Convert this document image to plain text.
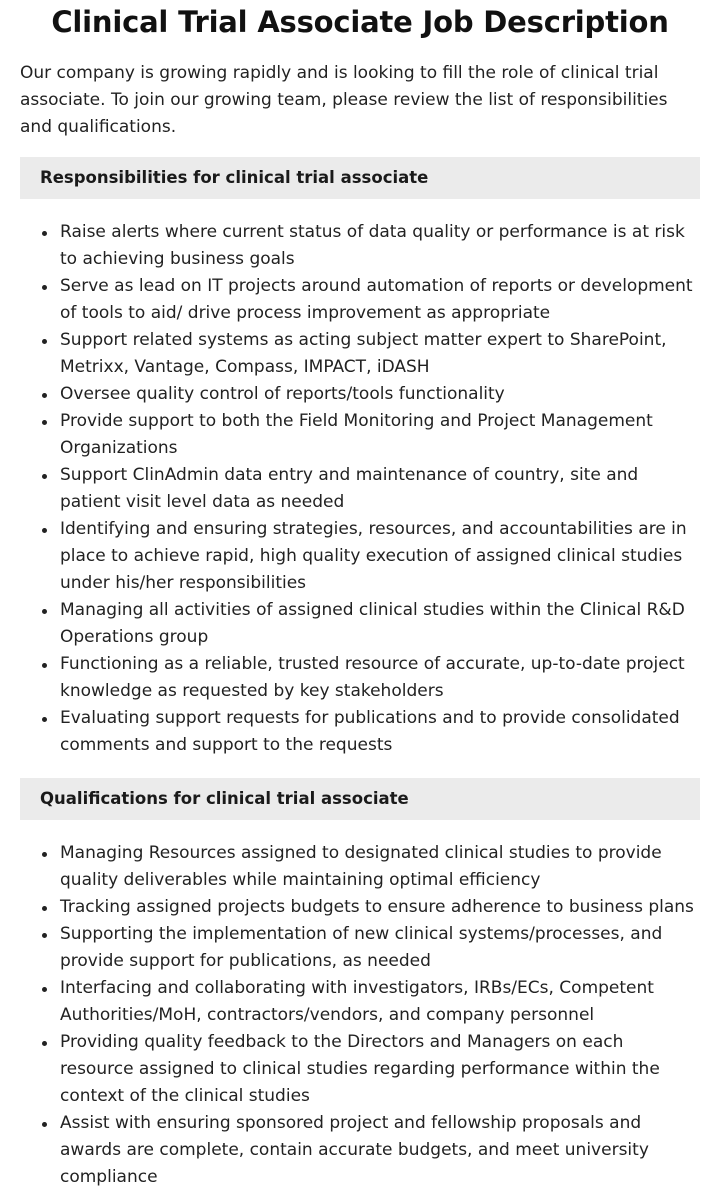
Clinical Trial Associate Job Description

Our company is growing rapidly and is looking to fill the role of clinical trial associate. To join our growing team, please review the list of responsibilities and qualifications.

Responsibilities for clinical trial associate
Raise alerts where current status of data quality or performance is at risk to achieving business goals
Serve as lead on IT projects around automation of reports or development of tools to aid/ drive process improvement as appropriate
Support related systems as acting subject matter expert to SharePoint, Metrixx, Vantage, Compass, IMPACT, iDASH
Oversee quality control of reports/tools functionality
Provide support to both the Field Monitoring and Project Management Organizations
Support ClinAdmin data entry and maintenance of country, site and patient visit level data as needed
Identifying and ensuring strategies, resources, and accountabilities are in place to achieve rapid, high quality execution of assigned clinical studies under his/her responsibilities
Managing all activities of assigned clinical studies within the Clinical R&D Operations group
Functioning as a reliable, trusted resource of accurate, up-to-date project knowledge as requested by key stakeholders
Evaluating support requests for publications and to provide consolidated comments and support to the requests
Qualifications for clinical trial associate
Managing Resources assigned to designated clinical studies to provide quality deliverables while maintaining optimal efficiency
Tracking assigned projects budgets to ensure adherence to business plans
Supporting the implementation of new clinical systems/processes, and provide support for publications, as needed
Interfacing and collaborating with investigators, IRBs/ECs, Competent Authorities/MoH, contractors/vendors, and company personnel
Providing quality feedback to the Directors and Managers on each resource assigned to clinical studies regarding performance within the context of the clinical studies
Assist with ensuring sponsored project and fellowship proposals and awards are complete, contain accurate budgets, and meet university compliance
